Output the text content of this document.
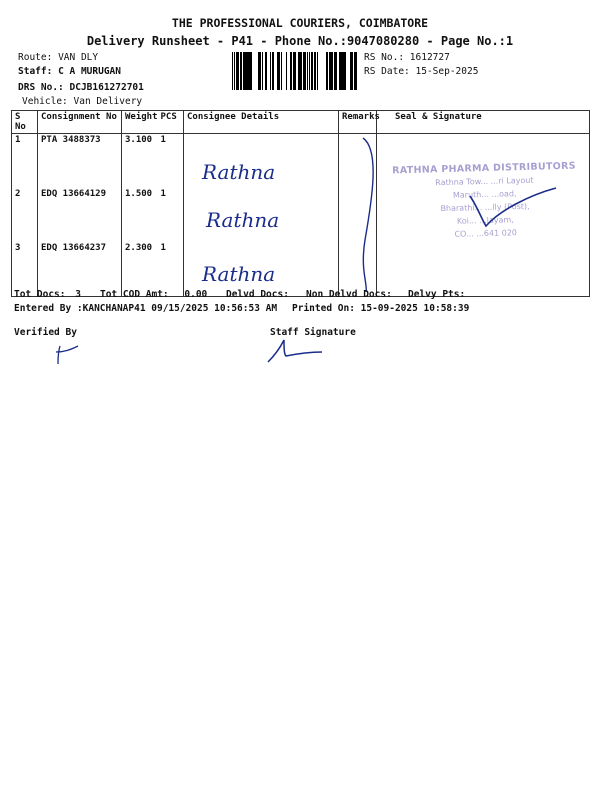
THE PROFESSIONAL COURIERS, COIMBATORE
Delivery Runsheet - P41 - Phone No.:9047080280 - Page No.:1
Route: VAN DLY
Staff: C A MURUGAN
DRS No.: DCJB161272701
Vehicle: Van Delivery
RS No.: 1612727
RS Date: 15-Sep-2025
S No	Consignment No	Weight	PCS	Consignee Details	Remarks	Seal & Signature
1	PTA 3488373	3.100	1			
2	EDQ 13664129	1.500	1			
3	EDQ 13664237	2.300	1			
Rathna
Rathna
Rathna
RATHNA PHARMA DISTRIBUTORS
Rathna Tow... ...ri Layout
Maruth... ...oad,
Bharathi... ...lly (Post),
Koi... ...layam,
CO... ...641 020
Tot Docs: 3 Tot COD Amt: 0.00 Delvd Docs: Non Delvd Docs: Delvy Pts:
Entered By :KANCHANAP41 09/15/2025 10:56:53 AM Printed On: 15-09-2025 10:58:39
Verified By	Staff Signature
